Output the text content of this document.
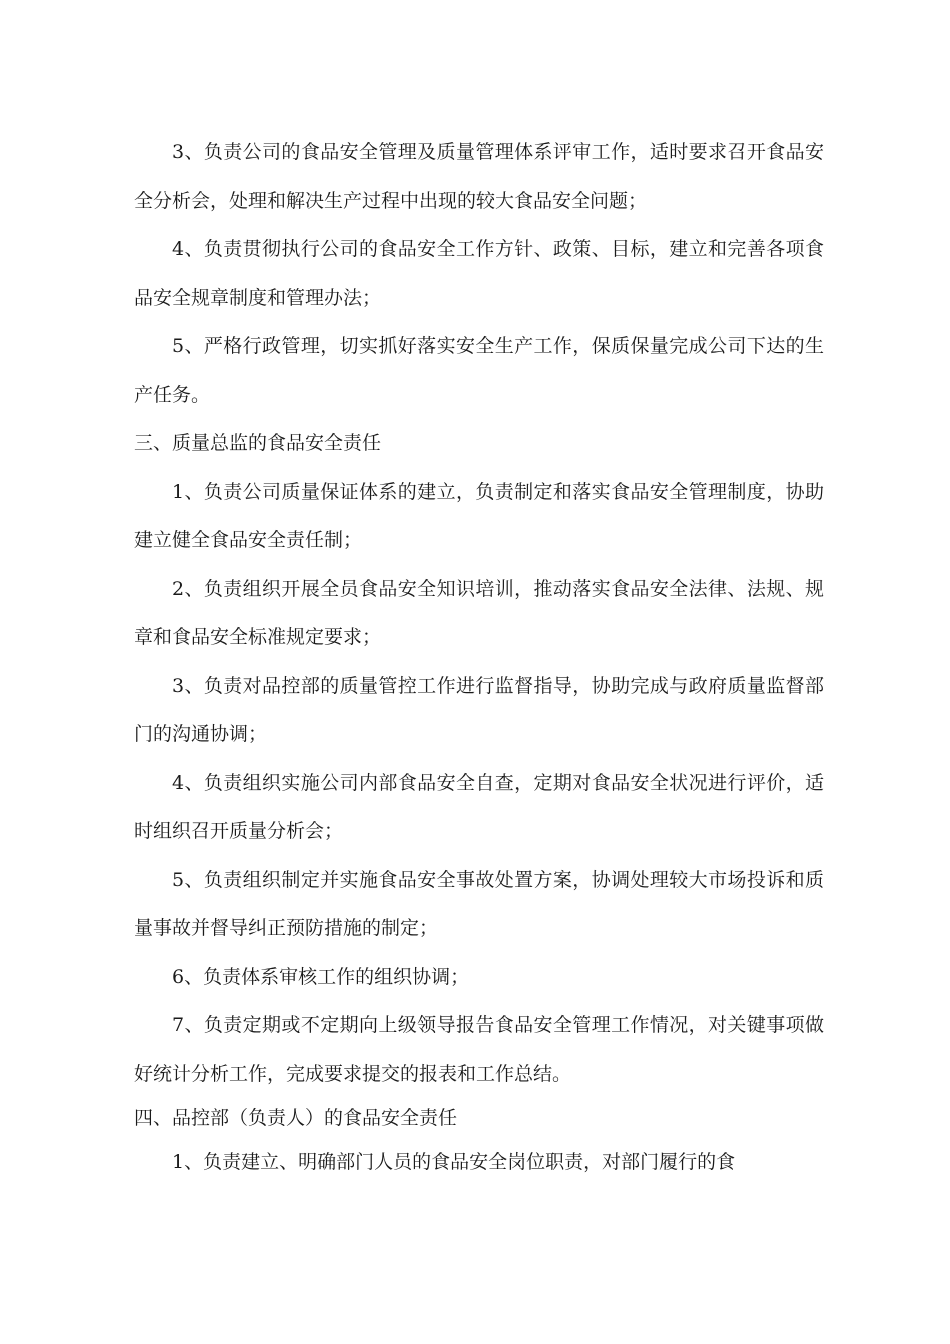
3、负责公司的食品安全管理及质量管理体系评审工作，适时要求召开食品安全分析会，处理和解决生产过程中出现的较大食品安全问题；

4、负责贯彻执行公司的食品安全工作方针、政策、目标，建立和完善各项食品安全规章制度和管理办法；

5、严格行政管理，切实抓好落实安全生产工作，保质保量完成公司下达的生产任务。

三、质量总监的食品安全责任

1、负责公司质量保证体系的建立，负责制定和落实食品安全管理制度，协助建立健全食品安全责任制；

2、负责组织开展全员食品安全知识培训，推动落实食品安全法律、法规、规章和食品安全标准规定要求；

3、负责对品控部的质量管控工作进行监督指导，协助完成与政府质量监督部门的沟通协调；

4、负责组织实施公司内部食品安全自查，定期对食品安全状况进行评价，适时组织召开质量分析会；

5、负责组织制定并实施食品安全事故处置方案，协调处理较大市场投诉和质量事故并督导纠正预防措施的制定；

6、负责体系审核工作的组织协调；

7、负责定期或不定期向上级领导报告食品安全管理工作情况，对关键事项做好统计分析工作，完成要求提交的报表和工作总结。

四、品控部（负责人）的食品安全责任

1、负责建立、明确部门人员的食品安全岗位职责，对部门履行的食
